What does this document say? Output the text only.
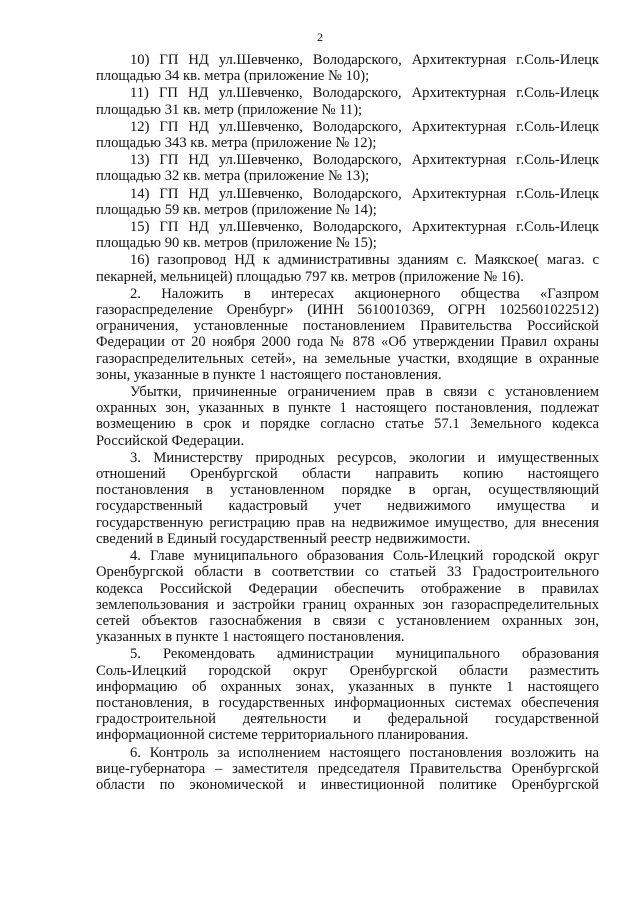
2
10) ГП НД ул.Шевченко, Володарского, Архитектурная г.Соль-Илецк
площадью 34 кв. метра (приложение № 10);
11) ГП НД ул.Шевченко, Володарского, Архитектурная г.Соль-Илецк
площадью 31 кв. метр (приложение № 11);
12) ГП НД ул.Шевченко, Володарского, Архитектурная г.Соль-Илецк
площадью 343 кв. метра (приложение № 12);
13) ГП НД ул.Шевченко, Володарского, Архитектурная г.Соль-Илецк
площадью 32 кв. метра (приложение № 13);
14) ГП НД ул.Шевченко, Володарского, Архитектурная г.Соль-Илецк
площадью 59 кв. метров (приложение № 14);
15) ГП НД ул.Шевченко, Володарского, Архитектурная г.Соль-Илецк
площадью 90 кв. метров (приложение № 15);
16) газопровод НД к административны зданиям с. Маякское( магаз. с
пекарней, мельницей) площадью 797 кв. метров (приложение № 16).
2. Наложить в интересах акционерного общества «Газпром
газораспределение Оренбург» (ИНН 5610010369, ОГРН 1025601022512)
ограничения, установленные постановлением Правительства Российской
Федерации от 20 ноября 2000 года № 878 «Об утверждении Правил охраны
газораспределительных сетей», на земельные участки, входящие в охранные
зоны, указанные в пункте 1 настоящего постановления.
Убытки, причиненные ограничением прав в связи с установлением
охранных зон, указанных в пункте 1 настоящего постановления, подлежат
возмещению в срок и порядке согласно статье 57.1 Земельного кодекса
Российской Федерации.
3. Министерству природных ресурсов, экологии и имущественных
отношений Оренбургской области направить копию настоящего
постановления в установленном порядке в орган, осуществляющий
государственный кадастровый учет недвижимого имущества и
государственную регистрацию прав на недвижимое имущество, для внесения
сведений в Единый государственный реестр недвижимости.
4. Главе муниципального образования Соль-Илецкий городской округ
Оренбургской области в соответствии со статьей 33 Градостроительного
кодекса Российской Федерации обеспечить отображение в правилах
землепользования и застройки границ охранных зон газораспределительных
сетей объектов газоснабжения в связи с установлением охранных зон,
указанных в пункте 1 настоящего постановления.
5. Рекомендовать администрации муниципального образования
Соль-Илецкий городской округ Оренбургской области разместить
информацию об охранных зонах, указанных в пункте 1 настоящего
постановления, в государственных информационных системах обеспечения
градостроительной деятельности и федеральной государственной
информационной системе территориального планирования.
6. Контроль за исполнением настоящего постановления возложить на
вице-губернатора – заместителя председателя Правительства Оренбургской
области по экономической и инвестиционной политике Оренбургской
